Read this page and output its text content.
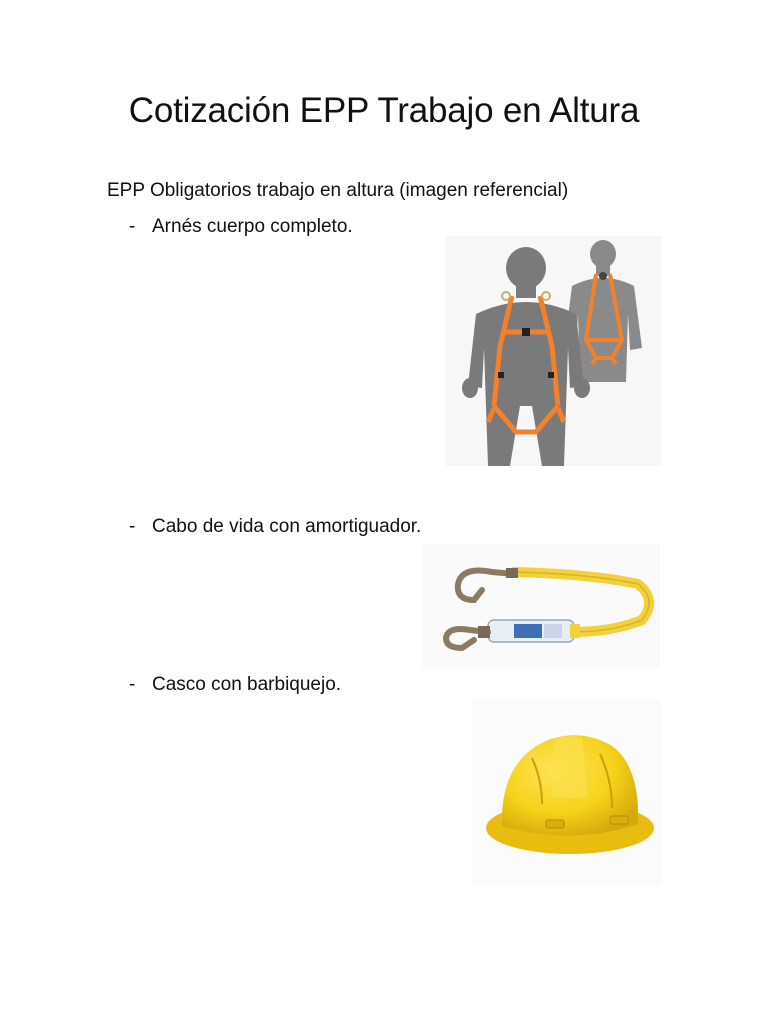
Cotización EPP Trabajo en Altura

EPP Obligatorios trabajo en altura (imagen referencial)

- Arnés cuerpo completo.

- Cabo de vida con amortiguador.

- Casco con barbiquejo.
